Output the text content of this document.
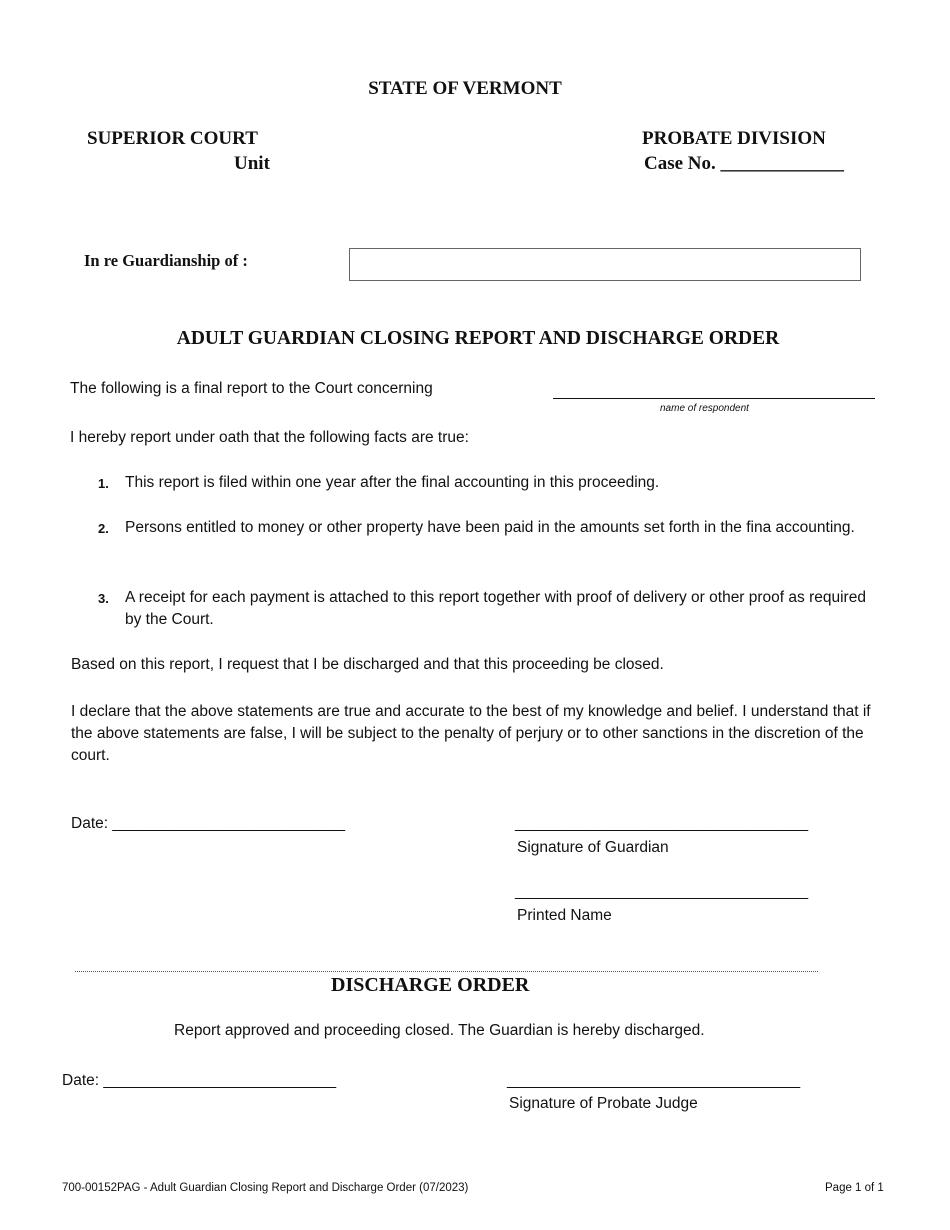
STATE OF VERMONT
SUPERIOR COURT
Unit
PROBATE DIVISION
Case No. _____________
In re Guardianship of :
ADULT GUARDIAN CLOSING REPORT AND DISCHARGE ORDER
The following is a final report to the Court concerning
name of respondent
I hereby report under oath that the following facts are true:
1. This report is filed within one year after the final accounting in this proceeding.
2. Persons entitled to money or other property have been paid in the amounts set forth in the fina accounting.
3. A receipt for each payment is attached to this report together with proof of delivery or other proof as required by the Court.
Based on this report, I request that I be discharged and that this proceeding be closed.
I declare that the above statements are true and accurate to the best of my knowledge and belief. I understand that if the above statements are false, I will be subject to the penalty of perjury or to other sanctions in the discretion of the court.
Date: ___________________________	__________________________________
Signature of Guardian
__________________________________
Printed Name
DISCHARGE ORDER
Report approved and proceeding closed. The Guardian is hereby discharged.
Date: ___________________________	__________________________________
Signature of Probate Judge
700-00152PAG - Adult Guardian Closing Report and Discharge Order (07/2023)	Page 1 of 1
